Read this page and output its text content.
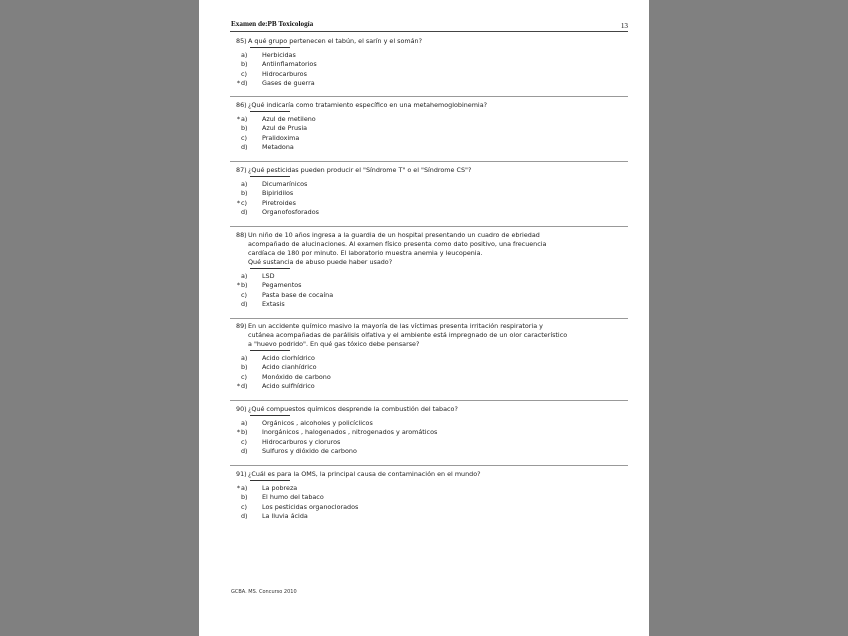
Examen de:PB Toxicología	13
85) A qué grupo pertenecen el tabún, el sarín y el somán?
a)	Herbicidas
b)	Antiinflamatorios
c)	Hidrocarburos
* d)	Gases de guerra
86) ¿Qué indicaría como tratamiento específico en una metahemoglobinemia?
* a)	Azul de metileno
b)	Azul de Prusia
c)	Pralidoxima
d)	Metadona
87) ¿Qué pesticidas pueden producir el "Síndrome T" o el "Síndrome CS"?
a)	Dicumarínicos
b)	Bipiridilos
* c)	Piretroides
d)	Organofosforados
88) Un niño de 10 años ingresa a la guardia de un hospital presentando un cuadro de ebriedad
acompañado de alucinaciones. Al examen físico presenta como dato positivo, una frecuencia
cardíaca de 180 por minuto. El laboratorio muestra anemia y leucopenia.
Qué sustancia de abuso puede haber usado?
a)	LSD
* b)	Pegamentos
c)	Pasta base de cocaína
d)	Extasis
89) En un accidente químico masivo la mayoría de las víctimas presenta irritación respiratoria y
cutánea acompañadas de parálisis olfativa y el ambiente está impregnado de un olor característico
a "huevo podrido". En qué gas tóxico debe pensarse?
a)	Acido clorhídrico
b)	Acido cianhídrico
c)	Monóxido de carbono
* d)	Acido sulfhídrico
90) ¿Qué compuestos químicos desprende la combustión del tabaco?
a)	Orgánicos , alcoholes y policíclicos
* b)	Inorgánicos , halogenados , nitrogenados y aromáticos
c)	Hidrocarburos y cloruros
d)	Sulfuros y dióxido de carbono
91) ¿Cuál es para la OMS, la principal causa de contaminación en el mundo?
* a)	La pobreza
b)	El humo del tabaco
c)	Los pesticidas organoclorados
d)	La lluvia ácida
GCBA. MS. Concurso 2010
